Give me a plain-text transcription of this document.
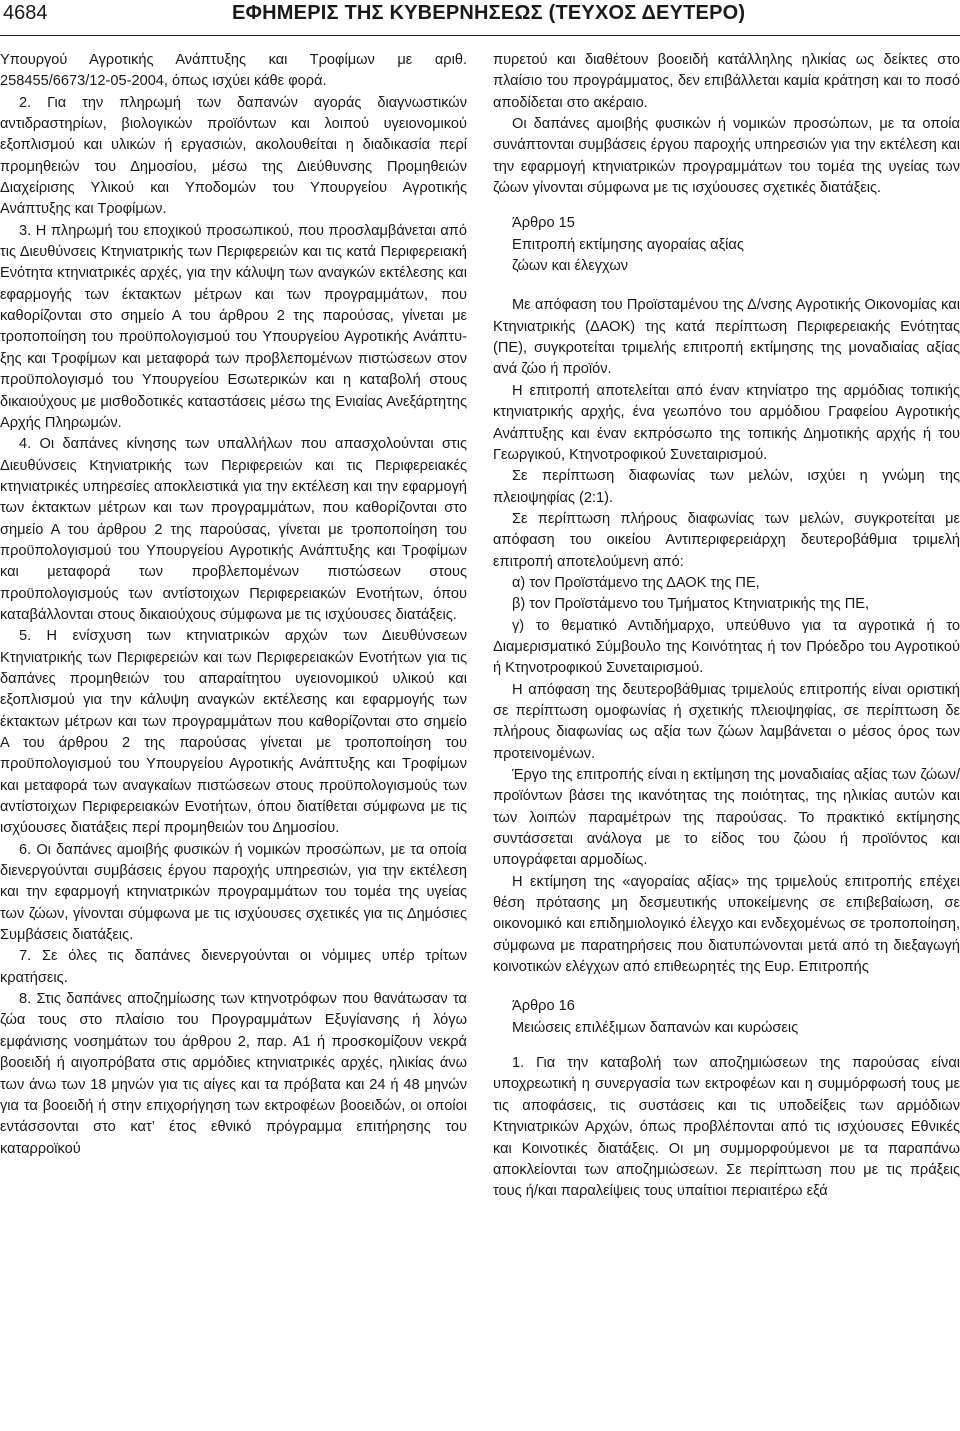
4684	ΕΦΗΜΕΡΙΣ ΤΗΣ ΚΥΒΕΡΝΗΣΕΩΣ (ΤΕΥΧΟΣ ΔΕΥΤΕΡΟ)

Υπουργού Αγροτικής Ανάπτυξης και Τροφίμων με αριθ. 258455/6673/12-05-2004, όπως ισχύει κάθε φορά.

2. Για την πληρωμή των δαπανών αγοράς διαγνωστικών αντιδραστηρίων, βιολογικών προϊόντων και λοιπού υγειονομικού εξοπλισμού και υλικών ή εργασιών, ακολουθείται η διαδικασία περί προμηθειών του Δημοσίου, μέσω της Διεύθυνσης Προμηθειών Διαχείρισης Υλικού και Υποδομών του Υπουργείου Αγροτικής Ανάπτυξης και Τροφίμων.

3. Η πληρωμή του εποχικού προσωπικού, που προσλαμβάνεται από τις Διευθύνσεις Κτηνιατρικής των Περιφερειών και τις κατά Περιφερειακή Ενότητα κτηνιατρικές αρχές, για την κάλυψη των αναγκών εκτέλεσης και εφαρμογής των έκτακτων μέτρων και των προγραμμάτων, που καθορίζονται στο σημείο Α του άρθρου 2 της παρούσας, γίνεται με τροποποίηση του προϋπολογισμού του Υπουργείου Αγροτικής Ανάπτυξης και Τροφίμων και μεταφορά των προβλεπομένων πιστώσεων στον προϋπολογισμό του Υπουργείου Εσωτερικών και η καταβολή στους δικαιούχους με μισθοδοτικές καταστάσεις μέσω της Ενιαίας Ανεξάρτητης Αρχής Πληρωμών.

4. Οι δαπάνες κίνησης των υπαλλήλων που απασχολούνται στις Διευθύνσεις Κτηνιατρικής των Περιφερειών και τις Περιφερειακές κτηνιατρικές υπηρεσίες αποκλειστικά για την εκτέλεση και την εφαρμογή των έκτακτων μέτρων και των προγραμμάτων, που καθορίζονται στο σημείο Α του άρθρου 2 της παρούσας, γίνεται με τροποποίηση του προϋπολογισμού του Υπουργείου Αγροτικής Ανάπτυξης και Τροφίμων και μεταφορά των προβλεπομένων πιστώσεων στους προϋπολογισμούς των αντίστοιχων Περιφερειακών Ενοτήτων, όπου καταβάλλονται στους δικαιούχους σύμφωνα με τις ισχύουσες διατάξεις.

5. Η ενίσχυση των κτηνιατρικών αρχών των Διευθύνσεων Κτηνιατρικής των Περιφερειών και των Περιφερειακών Ενοτήτων για τις δαπάνες προμηθειών του απαραίτητου υγειονομικού υλικού και εξοπλισμού για την κάλυψη αναγκών εκτέλεσης και εφαρμογής των έκτακτων μέτρων και των προγραμμάτων που καθορίζονται στο σημείο Α του άρθρου 2 της παρούσας γίνεται με τροποποίηση του προϋπολογισμού του Υπουργείου Αγροτικής Ανάπτυξης και Τροφίμων και μεταφορά των αναγκαίων πιστώσεων στους προϋπολογισμούς των αντίστοιχων Περιφερειακών Ενοτήτων, όπου διατίθεται σύμφωνα με τις ισχύουσες διατάξεις περί προμηθειών του Δημοσίου.

6. Οι δαπάνες αμοιβής φυσικών ή νομικών προσώπων, με τα οποία διενεργούνται συμβάσεις έργου παροχής υπηρεσιών, για την εκτέλεση και την εφαρμογή κτηνιατρικών προγραμμάτων του τομέα της υγείας των ζώων, γίνονται σύμφωνα με τις ισχύουσες σχετικές για τις Δημόσιες Συμβάσεις διατάξεις.

7. Σε όλες τις δαπάνες διενεργούνται οι νόμιμες υπέρ τρίτων κρατήσεις.

8. Στις δαπάνες αποζημίωσης των κτηνοτρόφων που θανάτωσαν τα ζώα τους στο πλαίσιο του Προγραμμάτων Εξυγίανσης ή λόγω εμφάνισης νοσημάτων του άρθρου 2, παρ. Α1 ή προσκομίζουν νεκρά βοοειδή ή αιγοπρόβατα στις αρμόδιες κτηνιατρικές αρχές, ηλικίας άνω των άνω των 18 μηνών για τις αίγες και τα πρόβατα και 24 ή 48 μηνών για τα βοοειδή ή στην επιχορήγηση των εκτροφέων βοοειδών, οι οποίοι εντάσσονται στο κατ’ έτος εθνικό πρόγραμμα επιτήρησης του καταρροϊκού

πυρετού και διαθέτουν βοοειδή κατάλληλης ηλικίας ως δείκτες στο πλαίσιο του προγράμματος, δεν επιβάλλεται καμία κράτηση και το ποσό αποδίδεται στο ακέραιο.

Οι δαπάνες αμοιβής φυσικών ή νομικών προσώπων, με τα οποία συνάπτονται συμβάσεις έργου παροχής υπηρεσιών για την εκτέλεση και την εφαρμογή κτηνιατρικών προγραμμάτων του τομέα της υγείας των ζώων γίνονται σύμφωνα με τις ισχύουσες σχετικές διατάξεις.

Άρθρο 15

Επιτροπή εκτίμησης αγοραίας αξίας

ζώων και έλεγχων

Με απόφαση του Προϊσταμένου της Δ/νσης Αγροτικής Οικονομίας και Κτηνιατρικής (ΔΑΟΚ) της κατά περίπτωση Περιφερειακής Ενότητας (ΠΕ), συγκροτείται τριμελής επιτροπή εκτίμησης της μοναδιαίας αξίας ανά ζώο ή προϊόν.

Η επιτροπή αποτελείται από έναν κτηνίατρο της αρμόδιας τοπικής κτηνιατρικής αρχής, ένα γεωπόνο του αρμόδιου Γραφείου Αγροτικής Ανάπτυξης και έναν εκπρόσωπο της τοπικής Δημοτικής αρχής ή του Γεωργικού, Κτηνοτροφικού Συνεταιρισμού.

Σε περίπτωση διαφωνίας των μελών, ισχύει η γνώμη της πλειοψηφίας (2:1).

Σε περίπτωση πλήρους διαφωνίας των μελών, συγκροτείται με απόφαση του οικείου Αντιπεριφερειάρχη δευτεροβάθμια τριμελή επιτροπή αποτελούμενη από:

α) τον Προϊστάμενο της ΔΑΟΚ της ΠΕ,

β) τον Προϊστάμενο του Τμήματος Κτηνιατρικής της ΠΕ,

γ) το θεματικό Αντιδήμαρχο, υπεύθυνο για τα αγροτικά ή το Διαμερισματικό Σύμβουλο της Κοινότητας ή τον Πρόεδρο του Αγροτικού ή Κτηνοτροφικού Συνεταιρισμού.

Η απόφαση της δευτεροβάθμιας τριμελούς επιτροπής είναι οριστική σε περίπτωση ομοφωνίας ή σχετικής πλειοψηφίας, σε περίπτωση δε πλήρους διαφωνίας ως αξία των ζώων λαμβάνεται ο μέσος όρος των προτεινομένων.

Έργο της επιτροπής είναι η εκτίμηση της μοναδιαίας αξίας των ζώων/προϊόντων βάσει της ικανότητας της ποιότητας, της ηλικίας αυτών και των λοιπών παραμέτρων της παρούσας. Το πρακτικό εκτίμησης συντάσσεται ανάλογα με το είδος του ζώου ή προϊόντος και υπογράφεται αρμοδίως.

Η εκτίμηση της «αγοραίας αξίας» της τριμελούς επιτροπής επέχει θέση πρότασης μη δεσμευτικής υποκείμενης σε επιβεβαίωση, σε οικονομικό και επιδημιολογικό έλεγχο και ενδεχομένως σε τροποποίηση, σύμφωνα με παρατηρήσεις που διατυπώνονται μετά από τη διεξαγωγή κοινοτικών ελέγχων από επιθεωρητές της Ευρ. Επιτροπής

Άρθρο 16

Μειώσεις επιλέξιμων δαπανών και κυρώσεις

1. Για την καταβολή των αποζημιώσεων της παρούσας είναι υποχρεωτική η συνεργασία των εκτροφέων και η συμμόρφωσή τους με τις αποφάσεις, τις συστάσεις και τις υποδείξεις των αρμόδιων Κτηνιατρικών Αρχών, όπως προβλέπονται από τις ισχύουσες Εθνικές και Κοινοτικές διατάξεις. Οι μη συμμορφούμενοι με τα παραπάνω αποκλείονται των αποζημιώσεων. Σε περίπτωση που με τις πράξεις τους ή/και παραλείψεις τους υπαίτιοι περιαιτέρω εξά
